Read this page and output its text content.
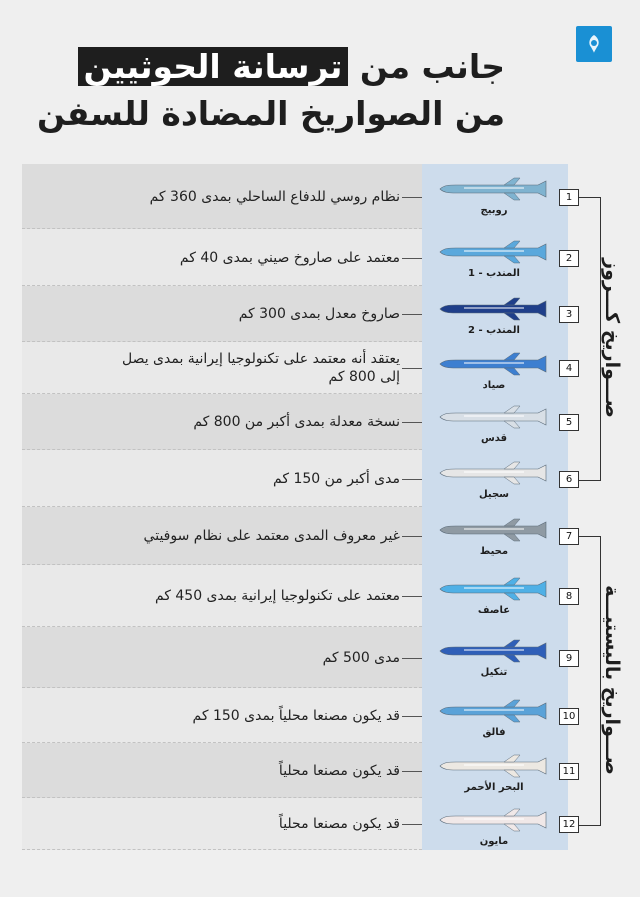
جانب من ترسانة الحوثيين
من الصواريخ المضادة للسفن
نظام روسي للدفاع الساحلي بمدى 360 كم
روبيج
1
معتمد على صاروخ صيني بمدى 40 كم
المندب - 1
2
صاروخ معدل بمدى 300 كم
المندب - 2
3
يعتقد أنه معتمد على تكنولوجيا إيرانية بمدى يصل إلى 800 كم
صياد
4
نسخة معدلة بمدى أكبر من 800 كم
قدس
5
مدى أكبر من 150 كم
سجيل
6
غير معروف المدى معتمد على نظام سوفيتي
محيط
7
معتمد على تكنولوجيا إيرانية بمدى 450 كم
عاصف
8
مدى 500 كم
تنكيل
9
قد يكون مصنعا محلياً بمدى 150 كم
فالق
10
قد يكون مصنعا محلياً
البحر الأحمر
11
قد يكون مصنعا محلياً
مايون
12
صـــواريخ كـــروز
صـــواريخ باليستيـــة
